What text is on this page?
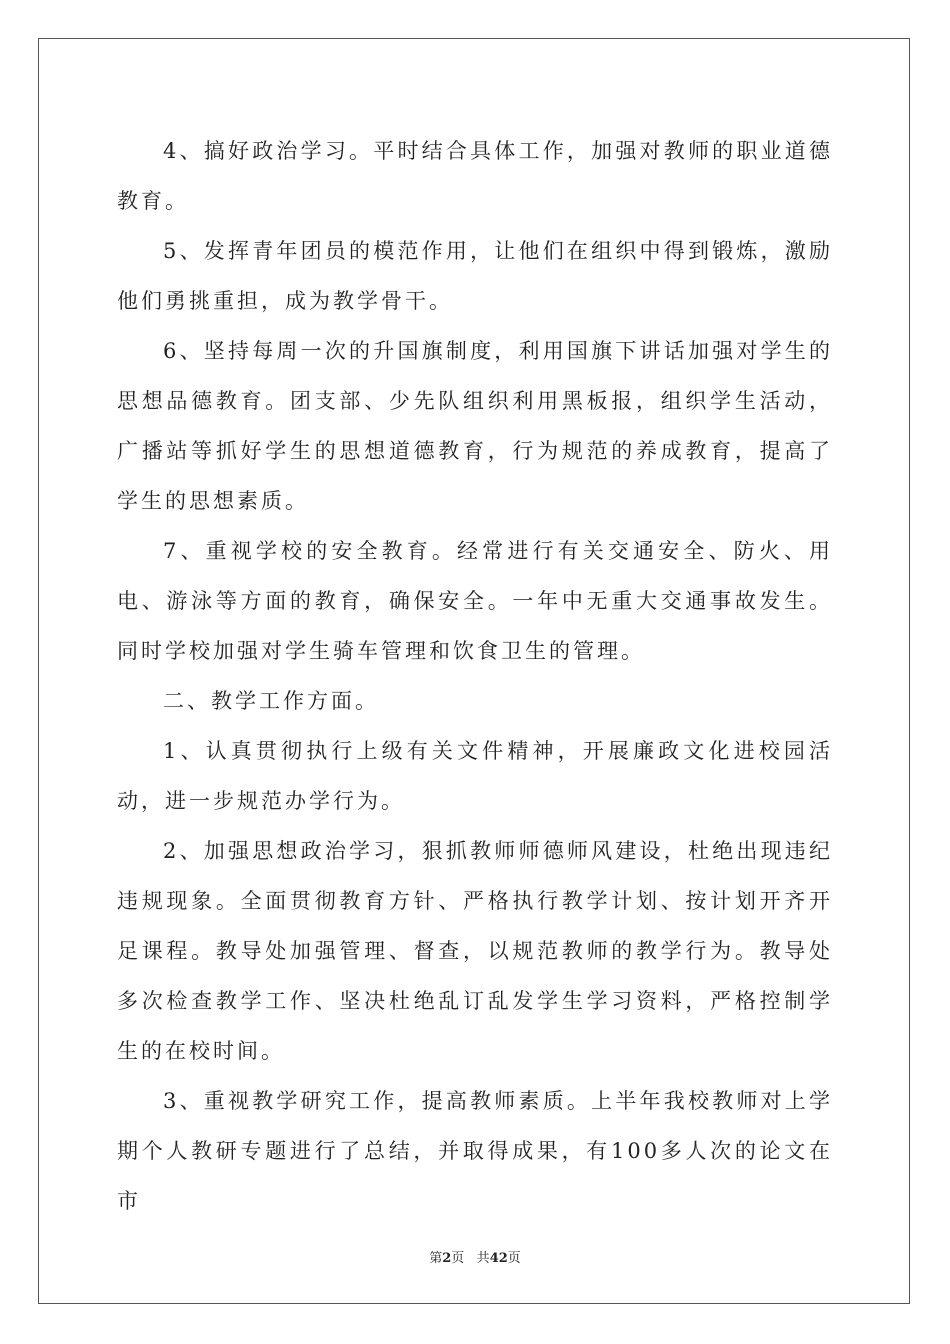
4、搞好政治学习。平时结合具体工作，加强对教师的职业道德教育。

5、发挥青年团员的模范作用，让他们在组织中得到锻炼，激励他们勇挑重担，成为教学骨干。

6、坚持每周一次的升国旗制度，利用国旗下讲话加强对学生的思想品德教育。团支部、少先队组织利用黑板报，组织学生活动，广播站等抓好学生的思想道德教育，行为规范的养成教育，提高了学生的思想素质。

7、重视学校的安全教育。经常进行有关交通安全、防火、用电、游泳等方面的教育，确保安全。一年中无重大交通事故发生。同时学校加强对学生骑车管理和饮食卫生的管理。

二、教学工作方面。

1、认真贯彻执行上级有关文件精神，开展廉政文化进校园活动，进一步规范办学行为。

2、加强思想政治学习，狠抓教师师德师风建设，杜绝出现违纪违规现象。全面贯彻教育方针、严格执行教学计划、按计划开齐开足课程。教导处加强管理、督查，以规范教师的教学行为。教导处多次检查教学工作、坚决杜绝乱订乱发学生学习资料，严格控制学生的在校时间。

3、重视教学研究工作，提高教师素质。上半年我校教师对上学期个人教研专题进行了总结，并取得成果，有100多人次的论文在市

第2页 共42页
